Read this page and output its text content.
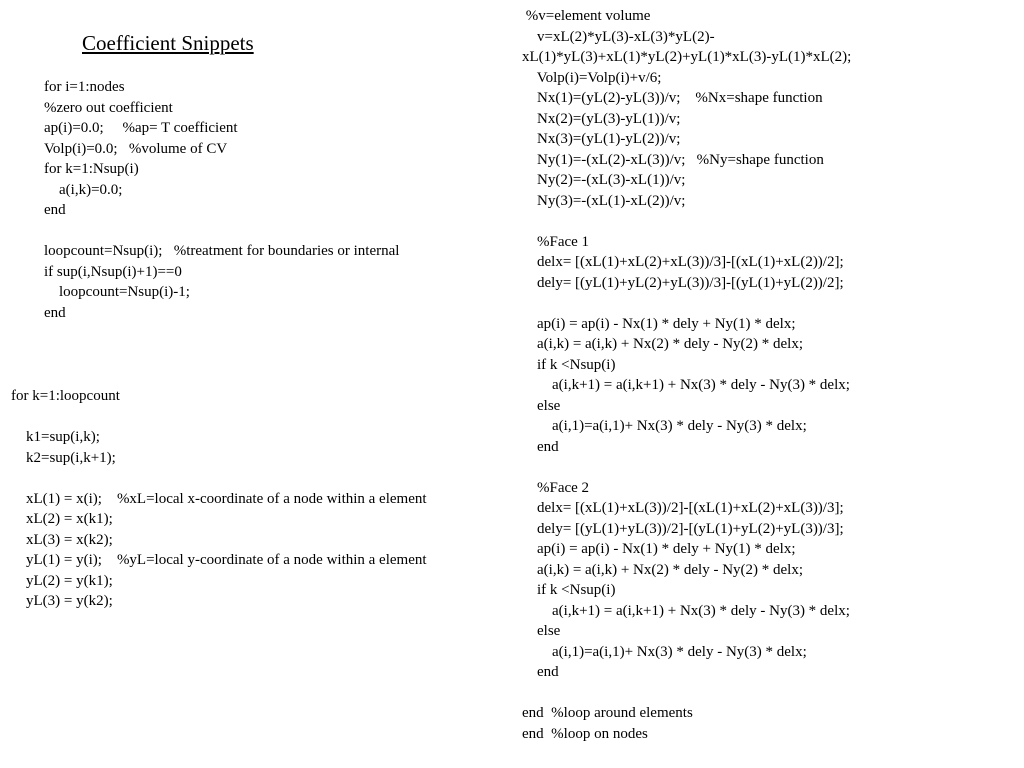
Coefficient Snippets
for i=1:nodes
%zero out coefficient
ap(i)=0.0;     %ap= T coefficient
Volp(i)=0.0;   %volume of CV
for k=1:Nsup(i)
a(i,k)=0.0;
end
loopcount=Nsup(i);   %treatment for boundaries or internal
if sup(i,Nsup(i)+1)==0
loopcount=Nsup(i)-1;
end
for k=1:loopcount
k1=sup(i,k);
k2=sup(i,k+1);
xL(1) = x(i);    %xL=local x-coordinate of a node within a element
xL(2) = x(k1);
xL(3) = x(k2);
yL(1) = y(i);    %yL=local y-coordinate of a node within a element
yL(2) = y(k1);
yL(3) = y(k2);
%v=element volume
v=xL(2)*yL(3)-xL(3)*yL(2)-
xL(1)*yL(3)+xL(1)*yL(2)+yL(1)*xL(3)-yL(1)*xL(2);
Volp(i)=Volp(i)+v/6;
Nx(1)=(yL(2)-yL(3))/v;    %Nx=shape function
Nx(2)=(yL(3)-yL(1))/v;
Nx(3)=(yL(1)-yL(2))/v;
Ny(1)=-(xL(2)-xL(3))/v;   %Ny=shape function
Ny(2)=-(xL(3)-xL(1))/v;
Ny(3)=-(xL(1)-xL(2))/v;
%Face 1
delx= [(xL(1)+xL(2)+xL(3))/3]-[(xL(1)+xL(2))/2];
dely= [(yL(1)+yL(2)+yL(3))/3]-[(yL(1)+yL(2))/2];
ap(i) = ap(i) - Nx(1) * dely + Ny(1) * delx;
a(i,k) = a(i,k) + Nx(2) * dely - Ny(2) * delx;
if k <Nsup(i)
a(i,k+1) = a(i,k+1) + Nx(3) * dely - Ny(3) * delx;
else
a(i,1)=a(i,1)+ Nx(3) * dely - Ny(3) * delx;
end
%Face 2
delx= [(xL(1)+xL(3))/2]-[(xL(1)+xL(2)+xL(3))/3];
dely= [(yL(1)+yL(3))/2]-[(yL(1)+yL(2)+yL(3))/3];
ap(i) = ap(i) - Nx(1) * dely + Ny(1) * delx;
a(i,k) = a(i,k) + Nx(2) * dely - Ny(2) * delx;
if k <Nsup(i)
a(i,k+1) = a(i,k+1) + Nx(3) * dely - Ny(3) * delx;
else
a(i,1)=a(i,1)+ Nx(3) * dely - Ny(3) * delx;
end
end  %loop around elements
end  %loop on nodes
